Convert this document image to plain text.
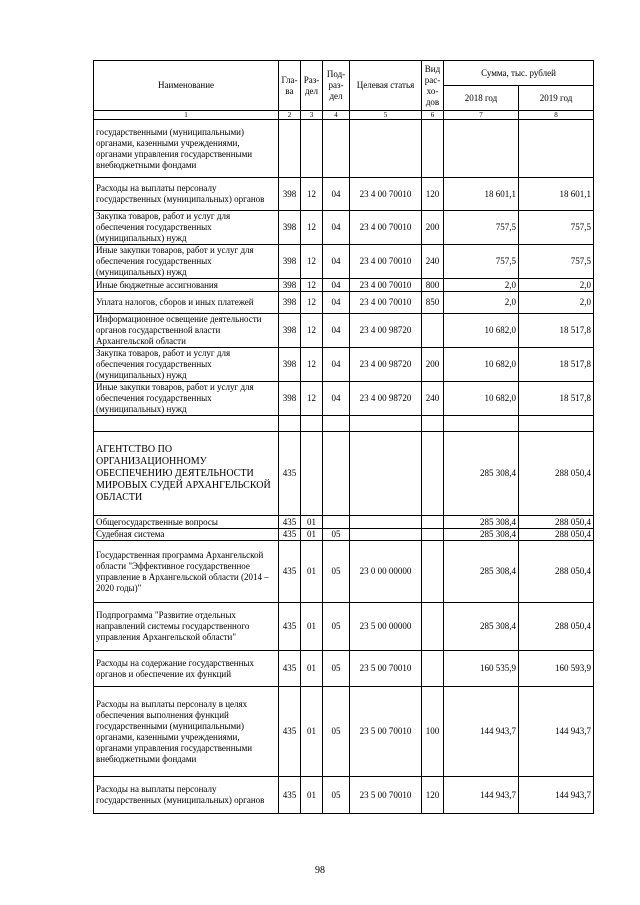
Наименование	Гла-ва	Раз-дел	Под-раз-дел	Целевая статья	Вид рас-хо-дов	Сумма, тыс. рублей	
						2018 год	2019 год
1	2	3	4	5	6	7	8
государственными (муниципальными) органами, казенными учреждениями, органами управления государственными внебюджетными фондами							
Расходы на выплаты персоналу государственных (муниципальных) органов	398	12	04	23 4 00 70010	120	18 601,1	18 601,1
Закупка товаров, работ и услуг для обеспечения государственных (муниципальных) нужд	398	12	04	23 4 00 70010	200	757,5	757,5
Иные закупки товаров, работ и услуг для обеспечения государственных (муниципальных) нужд	398	12	04	23 4 00 70010	240	757,5	757,5
Иные бюджетные ассигнования	398	12	04	23 4 00 70010	800	2,0	2,0
Уплата налогов, сборов и иных платежей	398	12	04	23 4 00 70010	850	2,0	2,0
Информационное освещение деятельности органов государственной власти Архангельской области	398	12	04	23 4 00 98720		10 682,0	18 517,8
Закупка товаров, работ и услуг для обеспечения государственных (муниципальных) нужд	398	12	04	23 4 00 98720	200	10 682,0	18 517,8
Иные закупки товаров, работ и услуг для обеспечения государственных (муниципальных) нужд	398	12	04	23 4 00 98720	240	10 682,0	18 517,8

АГЕНТСТВО ПО ОРГАНИЗАЦИОННОМУ ОБЕСПЕЧЕНИЮ ДЕЯТЕЛЬНОСТИ МИРОВЫХ СУДЕЙ АРХАНГЕЛЬСКОЙ ОБЛАСТИ	435					285 308,4	288 050,4
Общегосударственные вопросы	435	01				285 308,4	288 050,4
Судебная система	435	01	05			285 308,4	288 050,4
Государственная программа Архангельской области "Эффективное государственное управление в Архангельской области (2014 – 2020 годы)"	435	01	05	23 0 00 00000		285 308,4	288 050,4
Подпрограмма "Развитие отдельных направлений системы государственного управления Архангельской области"	435	01	05	23 5 00 00000		285 308,4	288 050,4
Расходы на содержание государственных органов и обеспечение их функций	435	01	05	23 5 00 70010		160 535,9	160 593,9
Расходы на выплаты персоналу в целях обеспечения выполнения функций государственными (муниципальными) органами, казенными учреждениями, органами управления государственными внебюджетными фондами	435	01	05	23 5 00 70010	100	144 943,7	144 943,7
Расходы на выплаты персоналу государственных (муниципальных) органов	435	01	05	23 5 00 70010	120	144 943,7	144 943,7
98
